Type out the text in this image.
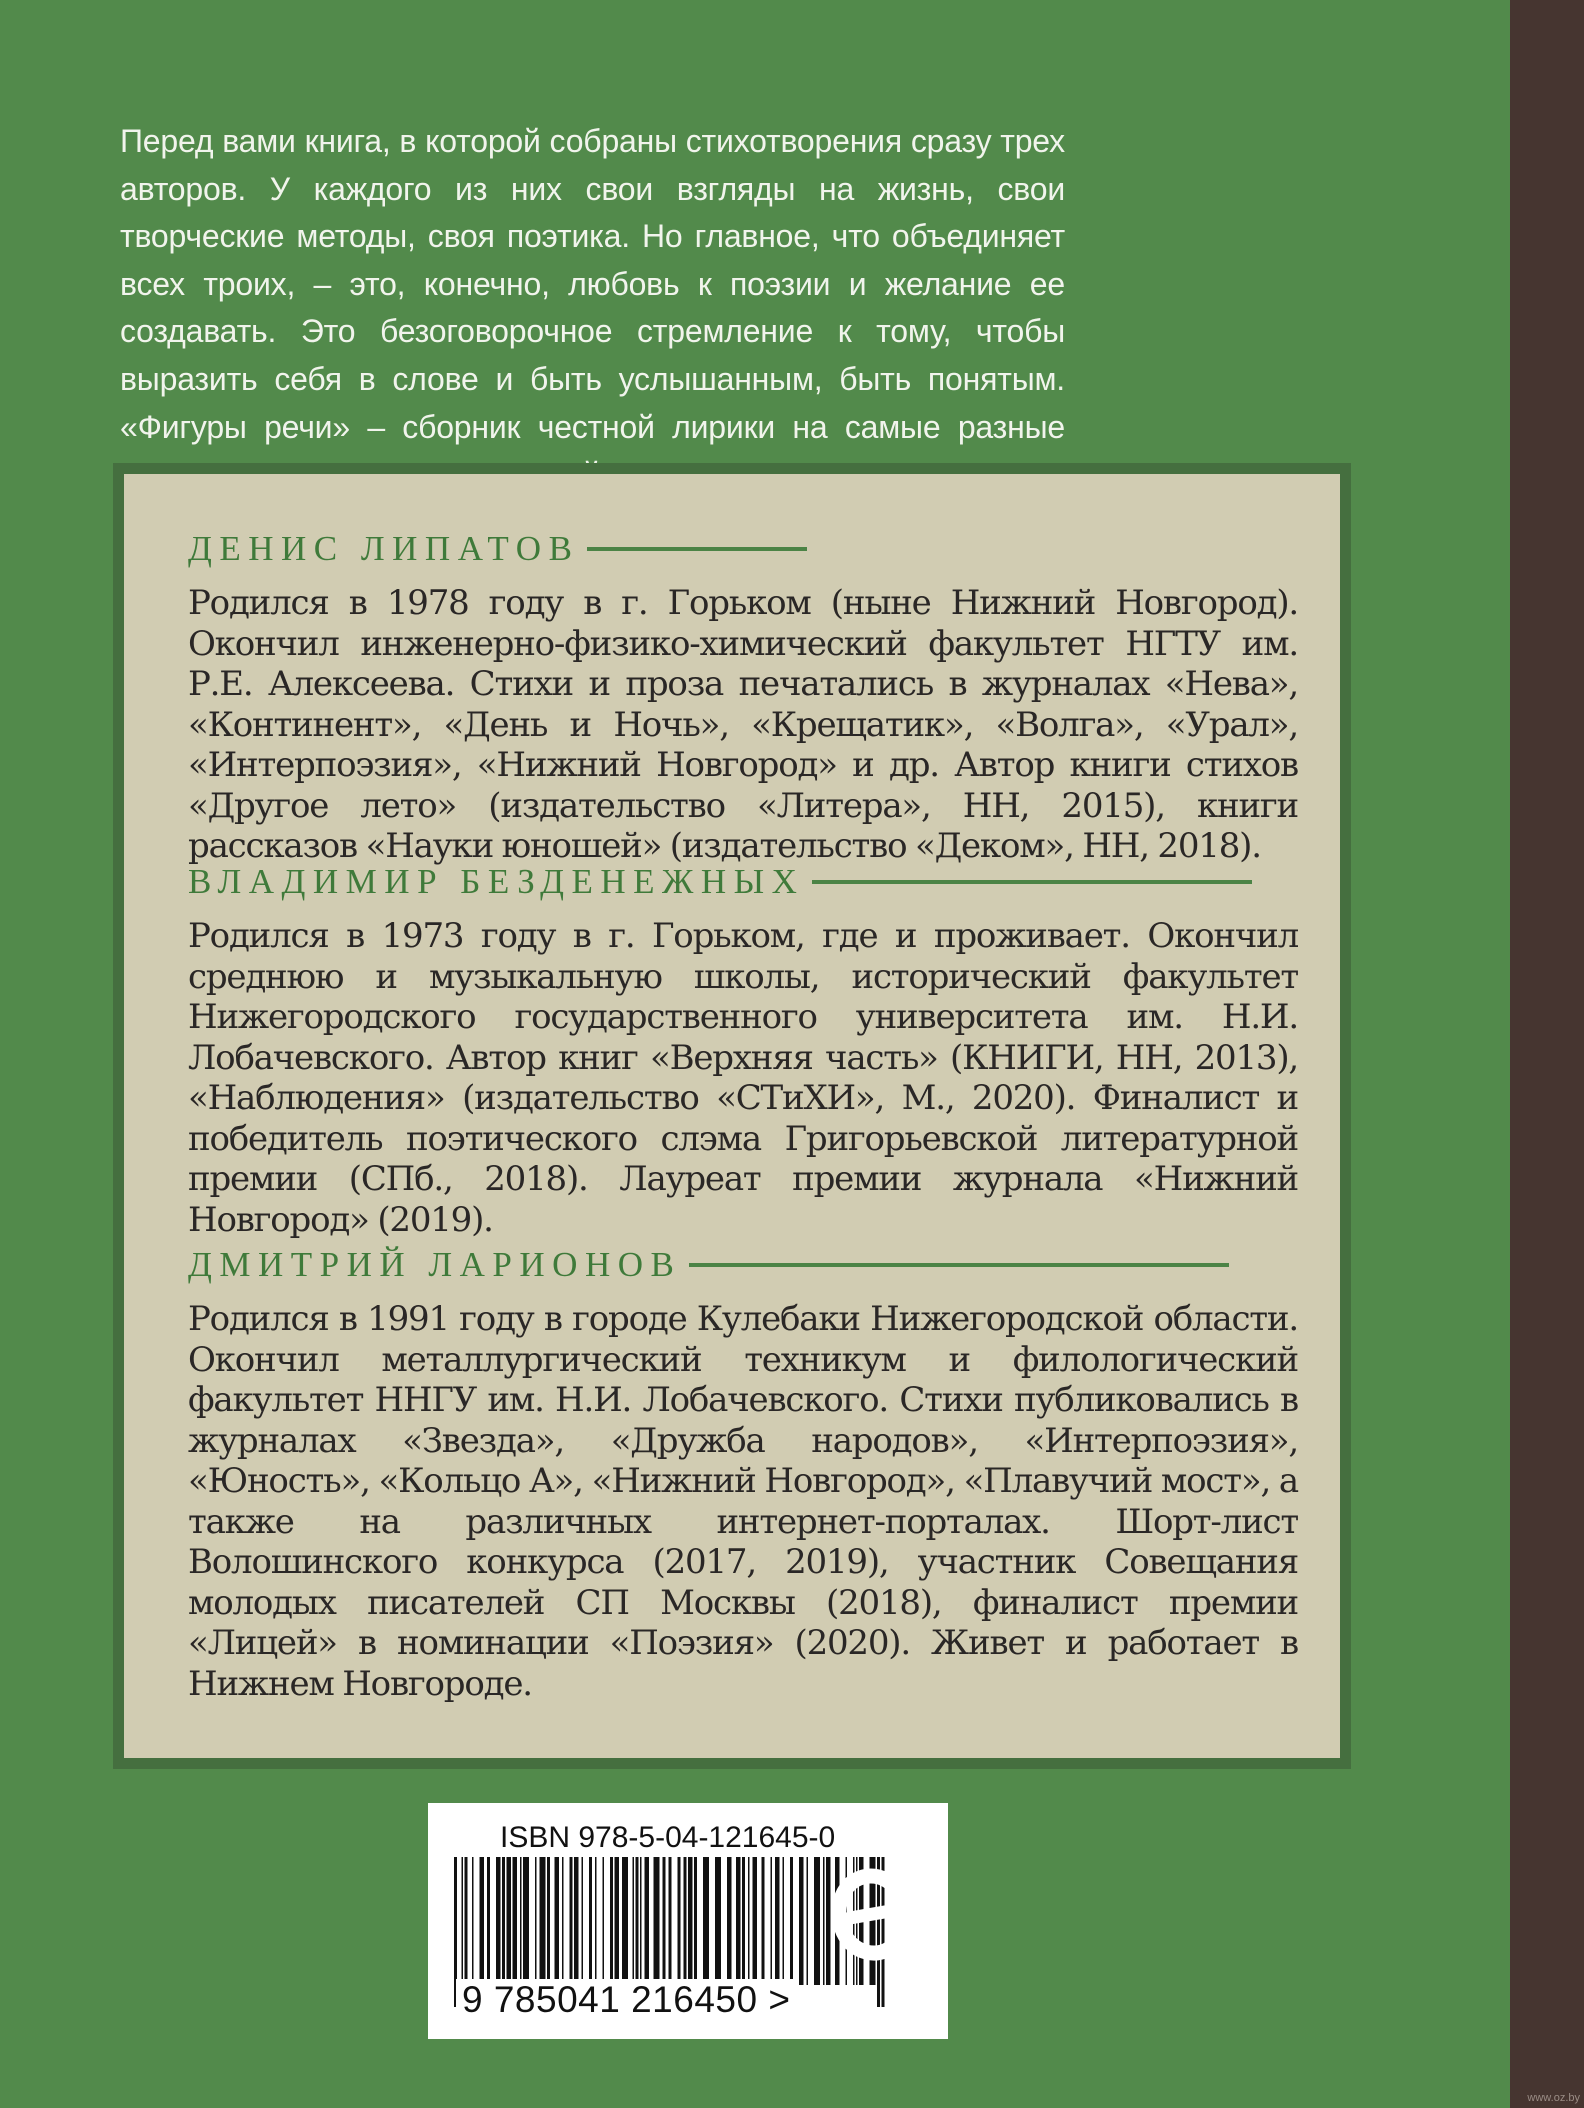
Перед вами книга, в которой собраны стихотворения сразу трех авторов. У каждого из них свои взгляды на жизнь, свои творческие методы, своя поэтика. Но главное, что объединяет всех троих, – это, конечно, любовь к поэзии и желание ее создавать. Это безоговорочное стремление к тому, чтобы выразить себя в слове и быть услышанным, быть понятым. «Фигуры речи» – сборник честной лирики на самые разные

ДЕНИС ЛИПАТОВ

Родился в 1978 году в г. Горьком (ныне Нижний Новгород). Окончил инженерно-физико-химический факультет НГТУ им. Р.Е. Алексеева. Стихи и проза печатались в журналах «Нева», «Континент», «День и Ночь», «Крещатик», «Волга», «Урал», «Интерпоэзия», «Нижний Новгород» и др. Автор книги стихов «Другое лето» (издательство «Литера», НН, 2015), книги рассказов «Науки юношей» (издательство «Деком», НН, 2018).

ВЛАДИМИР БЕЗДЕНЕЖНЫХ

Родился в 1973 году в г. Горьком, где и проживает. Окончил среднюю и музыкальную школы, исторический факультет Нижегородского государственного университета им. Н.И. Лобачевского. Автор книг «Верхняя часть» (КНИГИ, НН, 2013), «Наблюдения» (издательство «СТиХИ», М., 2020). Финалист и победитель поэтического слэма Григорьевской литературной премии (СПб., 2018). Лауреат премии журнала «Нижний Новгород» (2019).

ДМИТРИЙ ЛАРИОНОВ

Родился в 1991 году в городе Кулебаки Нижегородской области. Окончил металлургический техникум и филологический факультет ННГУ им. Н.И. Лобачевского. Стихи публиковались в журналах «Звезда», «Дружба народов», «Интерпоэзия», «Юность», «Кольцо А», «Нижний Новгород», «Плавучий мост», а также на различных интернет-порталах. Шорт-лист Волошинского конкурса (2017, 2019), участник Совещания молодых писателей СП Москвы (2018), финалист премии «Лицей» в номинации «Поэзия» (2020). Живет и работает в Нижнем Новгороде.

ISBN 978-5-04-121645-0
9 785041 216450 >
www.oz.by
